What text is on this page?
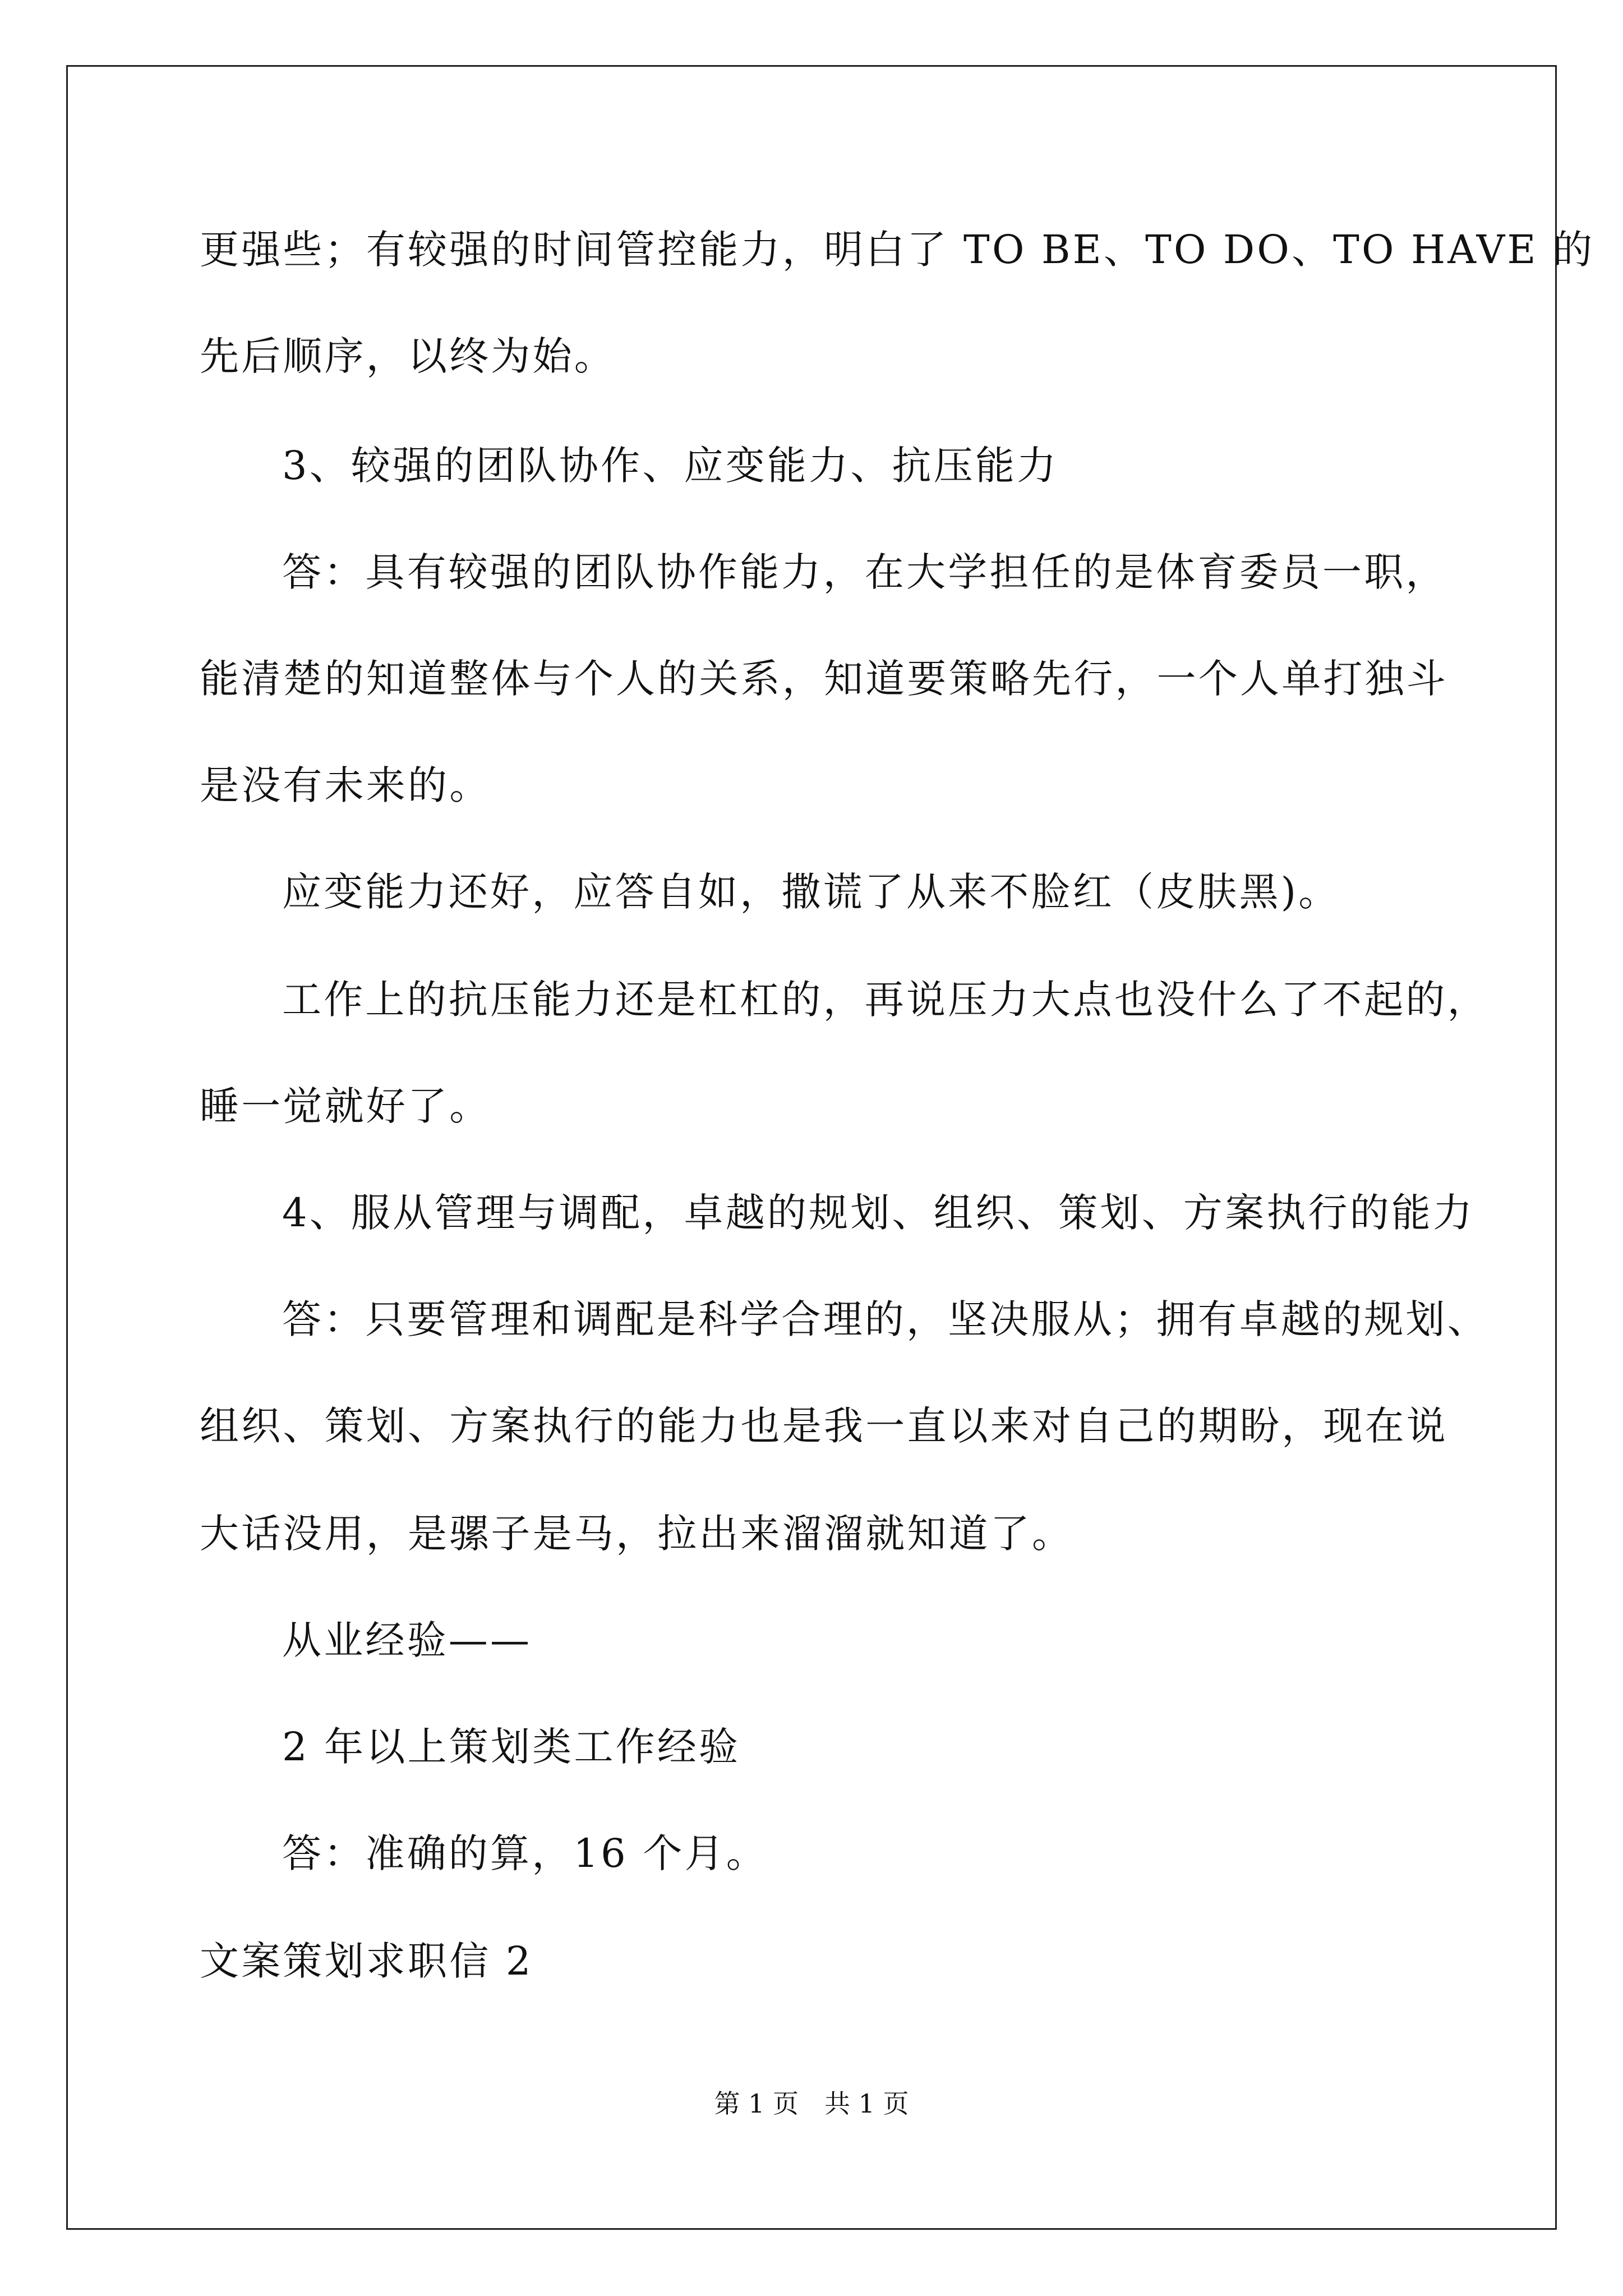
更强些；有较强的时间管控能力，明白了 TO BE、TO DO、TO HAVE 的
先后顺序，以终为始。
3、较强的团队协作、应变能力、抗压能力
答：具有较强的团队协作能力，在大学担任的是体育委员一职，
能清楚的知道整体与个人的关系，知道要策略先行，一个人单打独斗
是没有未来的。
应变能力还好，应答自如，撒谎了从来不脸红（皮肤黑)。
工作上的抗压能力还是杠杠的，再说压力大点也没什么了不起的，
睡一觉就好了。
4、服从管理与调配，卓越的规划、组织、策划、方案执行的能力
答：只要管理和调配是科学合理的，坚决服从；拥有卓越的规划、
组织、策划、方案执行的能力也是我一直以来对自己的期盼，现在说
大话没用，是骡子是马，拉出来溜溜就知道了。
从业经验——
2 年以上策划类工作经验
答：准确的算，16 个月。
文案策划求职信 2
第 1 页　共 1 页
